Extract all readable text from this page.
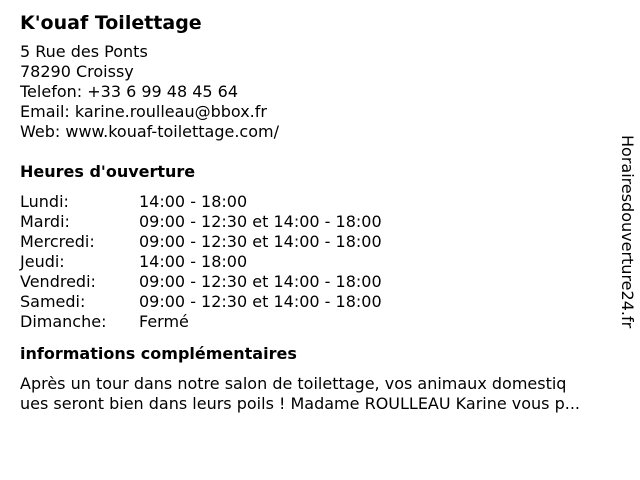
K'ouaf Toilettage
5 Rue des Ponts
78290 Croissy
Telefon: +33 6 99 48 45 64
Email: karine.roulleau@bbox.fr
Web: www.kouaf-toilettage.com/
Heures d'ouverture
Lundi:	14:00 - 18:00
Mardi:	09:00 - 12:30 et 14:00 - 18:00
Mercredi:	09:00 - 12:30 et 14:00 - 18:00
Jeudi:	14:00 - 18:00
Vendredi:	09:00 - 12:30 et 14:00 - 18:00
Samedi:	09:00 - 12:30 et 14:00 - 18:00
Dimanche:	Fermé
informations complémentaires
Après un tour dans notre salon de toilettage, vos animaux domestiq
ues seront bien dans leurs poils ! Madame ROULLEAU Karine vous p...
Horairesdouverture24.fr
